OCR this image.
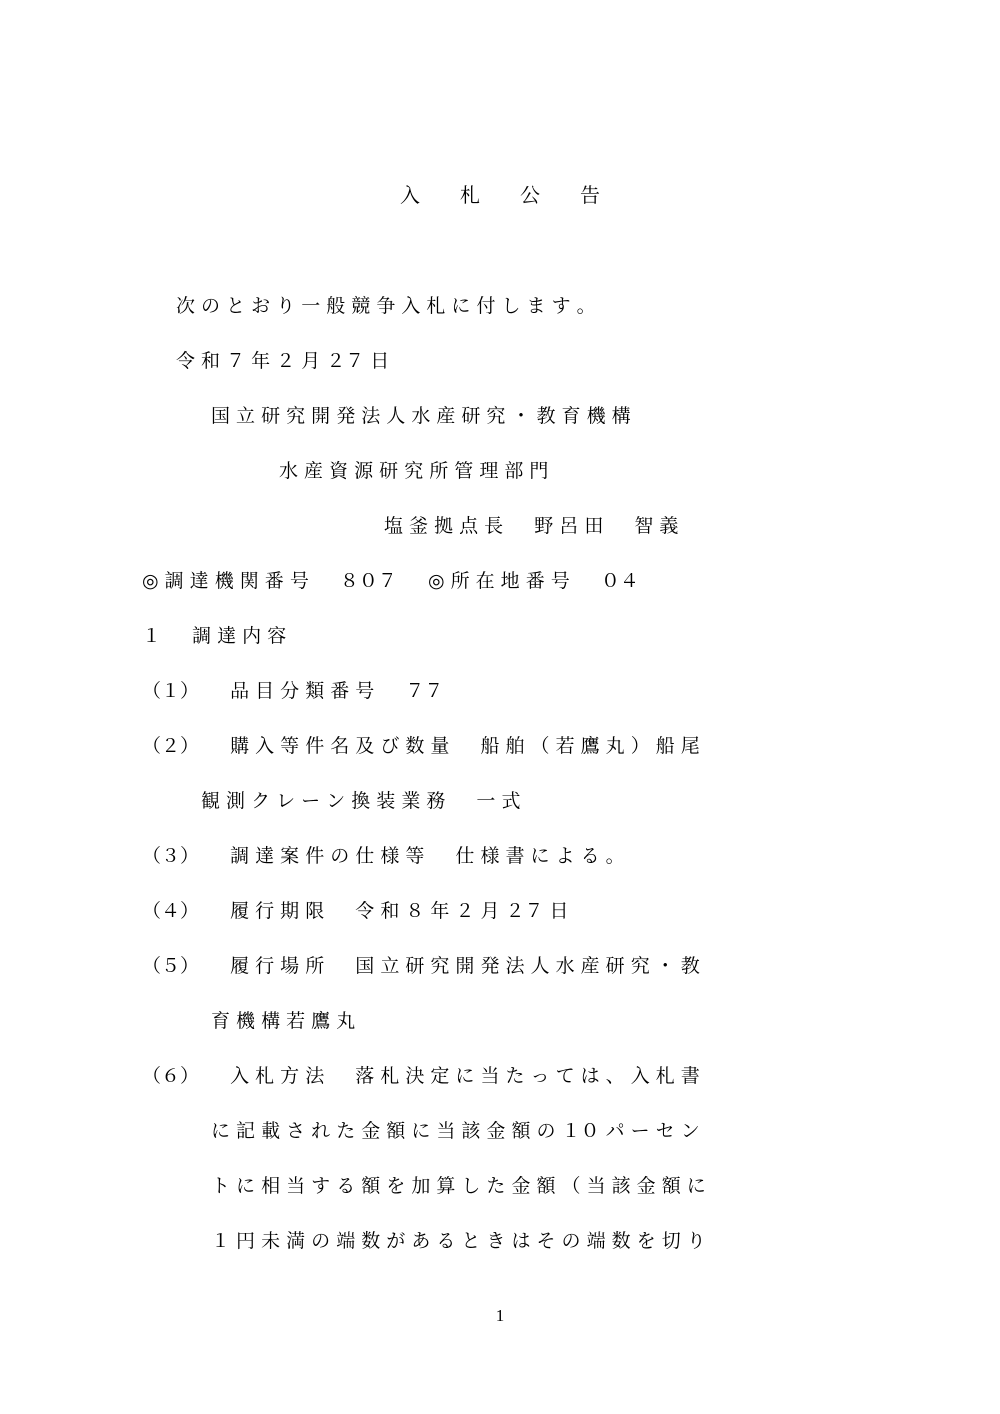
入　　札　　公　　告
次 の と お り 一 般 競 争 入 札 に 付 し ま す 。
令 和 ７ 年 ２ 月 ２７ 日
国 立 研 究 開 発 法 人 水 産 研 究 ・ 教 育 機 構
水 産 資 源 研 究 所 管 理 部 門
塩 釜 拠 点 長 　 野 呂 田 　 智 義
◎ 調 達 機 関 番 号 　 ８０７ 　 ◎ 所 在 地 番 号 　 ０４
１ 　 調 達 内 容
（１） 　 品 目 分 類 番 号 　 ７７
（２） 　 購 入 等 件 名 及 び 数 量 　 船 舶 （ 若 鷹 丸 ） 船 尾
観 測 ク レ ー ン 換 装 業 務 　 一 式
（３） 　 調 達 案 件 の 仕 様 等 　 仕 様 書 に よ る 。
（４） 　 履 行 期 限 　 令 和 ８ 年 ２ 月 ２７ 日
（５） 　 履 行 場 所 　 国 立 研 究 開 発 法 人 水 産 研 究 ・ 教
育 機 構 若 鷹 丸
（６） 　 入 札 方 法 　 落 札 決 定 に 当 た っ て は 、 入 札 書
に 記 載 さ れ た 金 額 に 当 該 金 額 の １０ パ ー セ ン
ト に 相 当 す る 額 を 加 算 し た 金 額 （ 当 該 金 額 に
１ 円 未 満 の 端 数 が あ る と き は そ の 端 数 を 切 り
1
